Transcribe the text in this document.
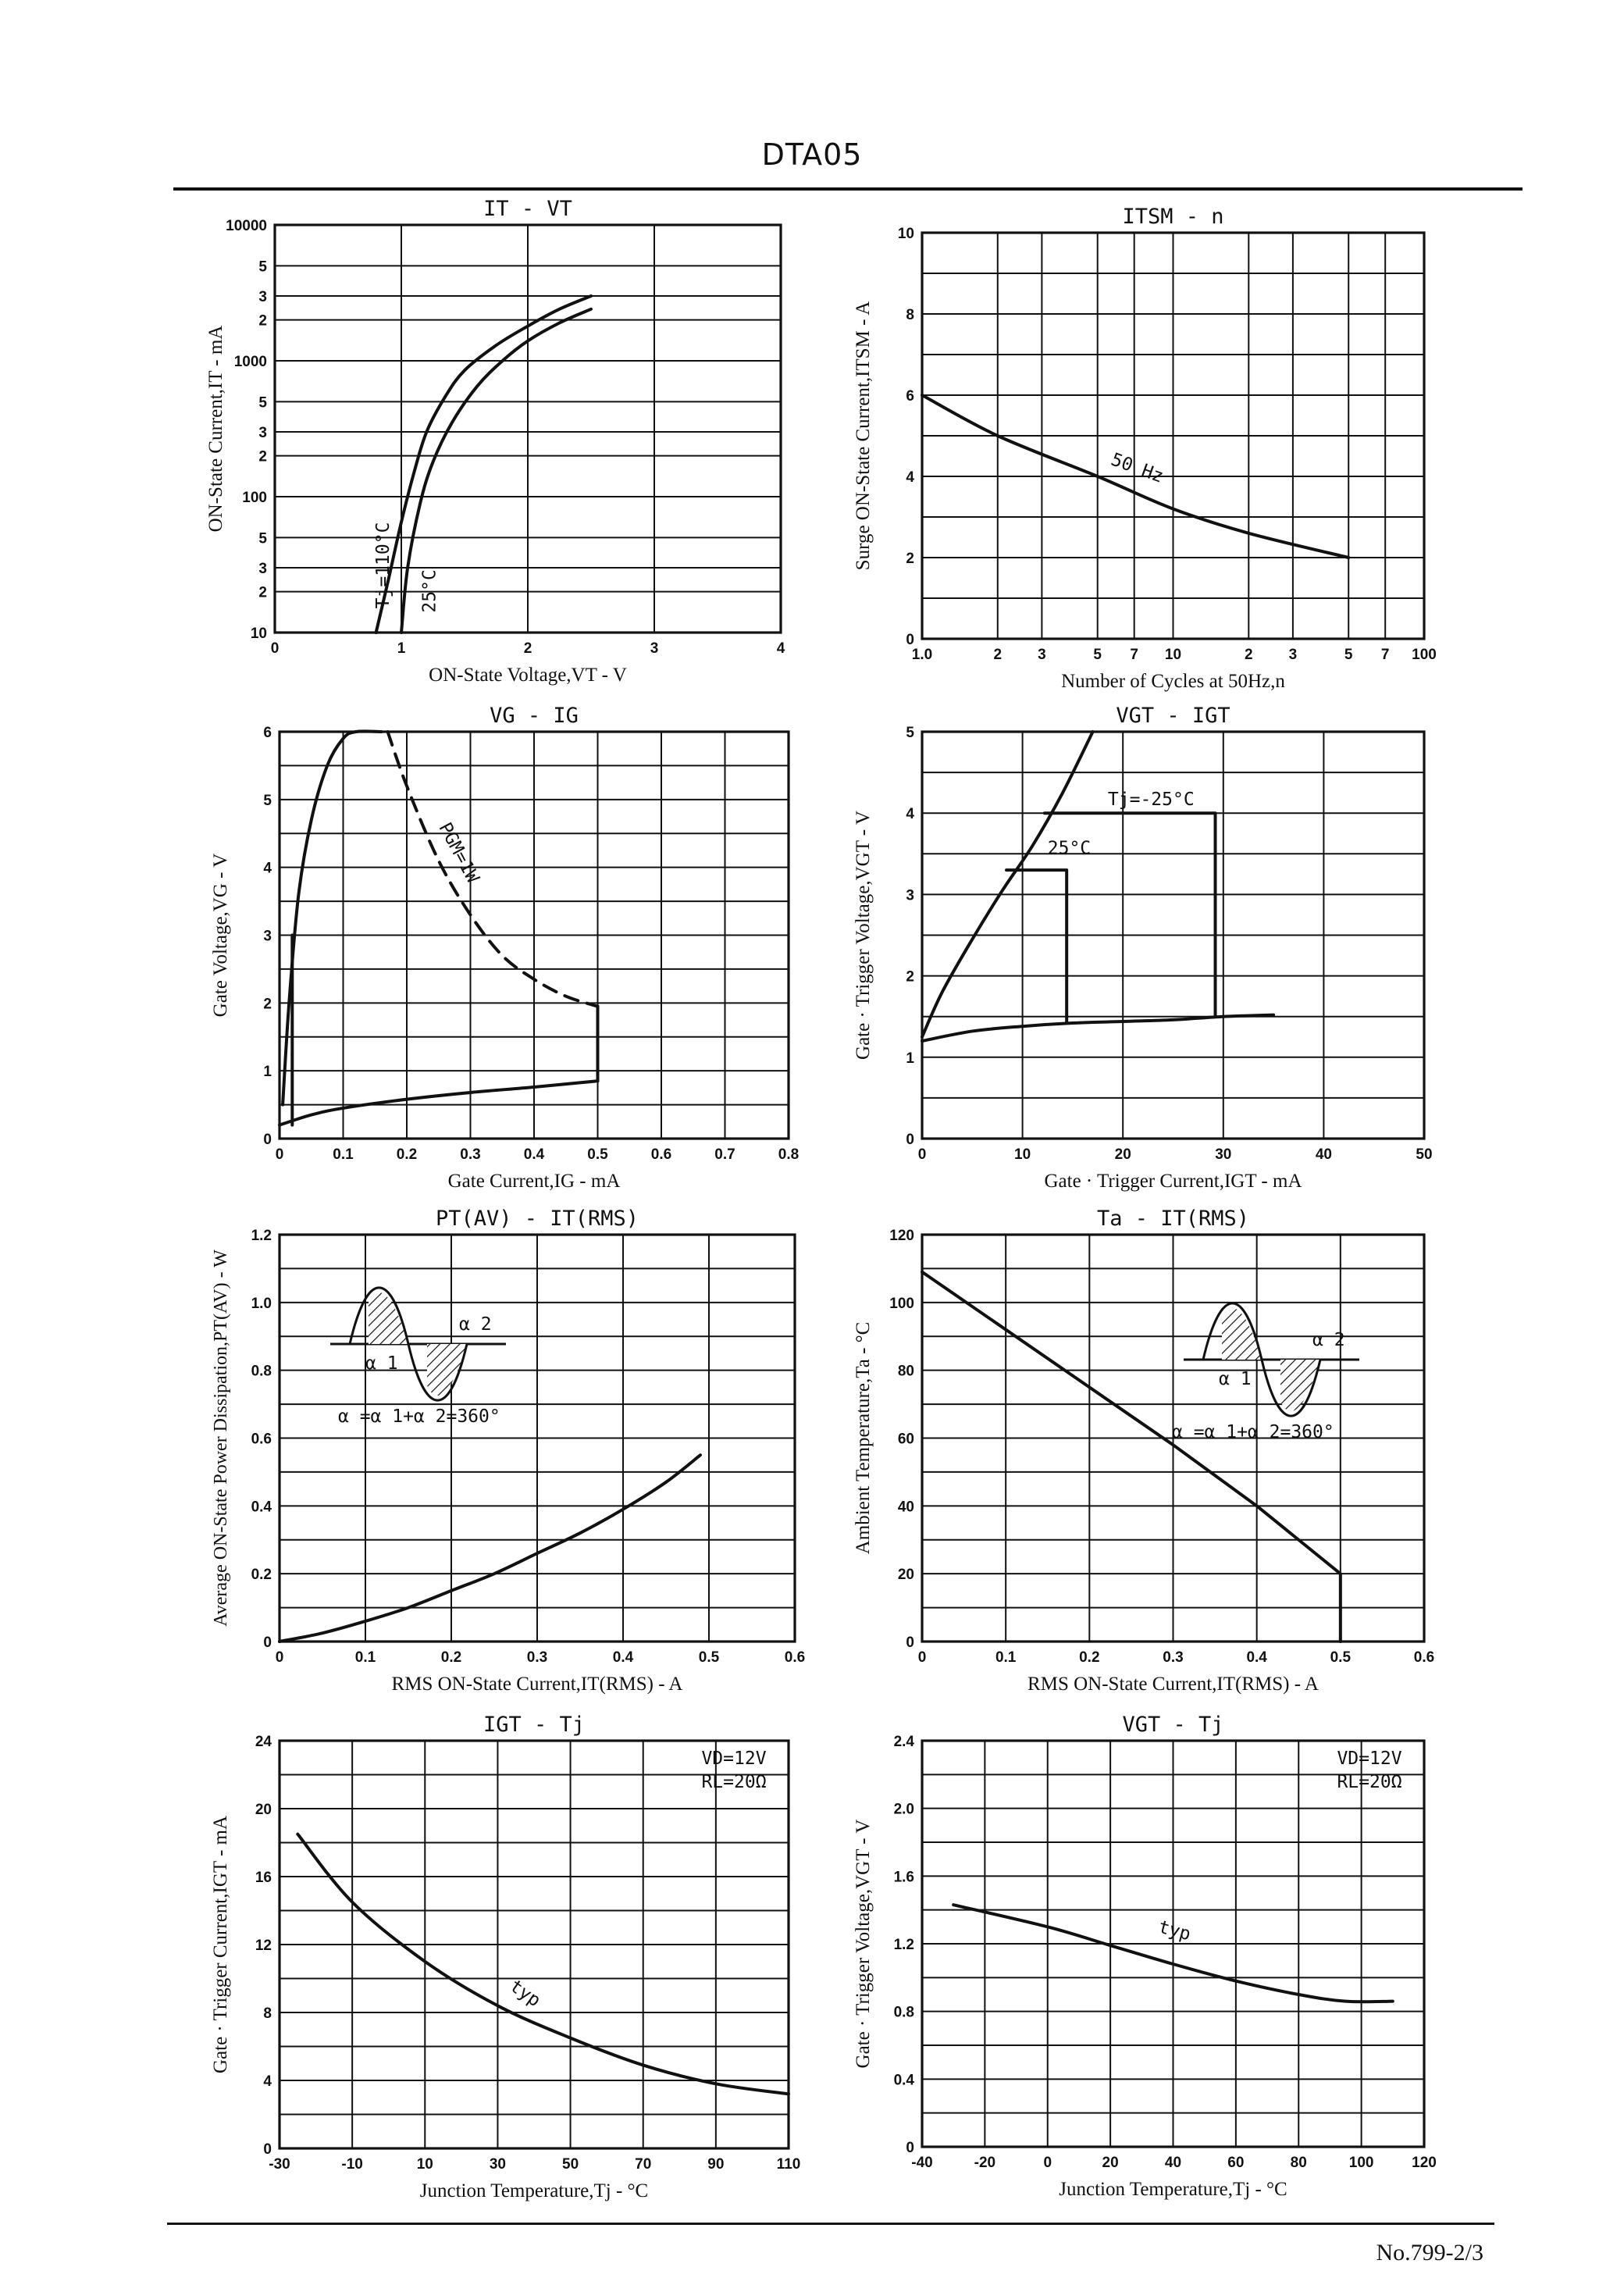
DTA05
0	1	2	3	4
10
2
3
5
100
2
3
5
1000
2
3
5
10000
IT - VT
ON-State Voltage,VT - V
ON-State Current,IT - mA
Tj=110°C 25°C
1.0	2 3	5 7 10	2 3	5 7 100
0
2
4
6
8
10
ITSM - n
Number of Cycles at 50Hz,n
Surge ON-State Current,ITSM - A	50 Hz
0	0.1	0.2	0.3	0.4	0.5	0.6	0.7	0.8
0
1
2
3
4
5
6
VG - IG
Gate Current,IG - mA
Gate Voltage,VG - V
PGM=1W
0	10	20	30	40	50
0
1
2
3
4
5
VGT - IGT
Gate · Trigger Current,IGT - mA
Gate · Trigger Voltage,VGT - V
Tj=-25°C
25°C
0	0.1	0.2	0.3	0.4	0.5	0.6
0
0.2
0.4
0.6
0.8
1.0
1.2
PT(AV) - IT(RMS)
RMS ON-State Current,IT(RMS) - A
Average ON-State Power Dissipation,PT(AV) - W	α 1
α 2
α =α 1+α 2=360°
0	0.1	0.2	0.3	0.4	0.5	0.6
0
20
40
60
80
100
120
Ta - IT(RMS)
RMS ON-State Current,IT(RMS) - A
Ambient Temperature,Ta - °C	α 1
α 2
α =α 1+α 2=360°
-30	-10	10	30	50	70	90	110
0
4
8
12
16
20
24
IGT - Tj
Junction Temperature,Tj - °C
Gate · Trigger Current,IGT - mA
VD=12V
RL=20Ω
typ
-40	-20	0	20	40	60	80	100	120
0
0.4
0.8
1.2
1.6
2.0
2.4
VGT - Tj
Junction Temperature,Tj - °C
Gate · Trigger Voltage,VGT - V
VD=12V
RL=20Ω
typ
No.799-2/3
